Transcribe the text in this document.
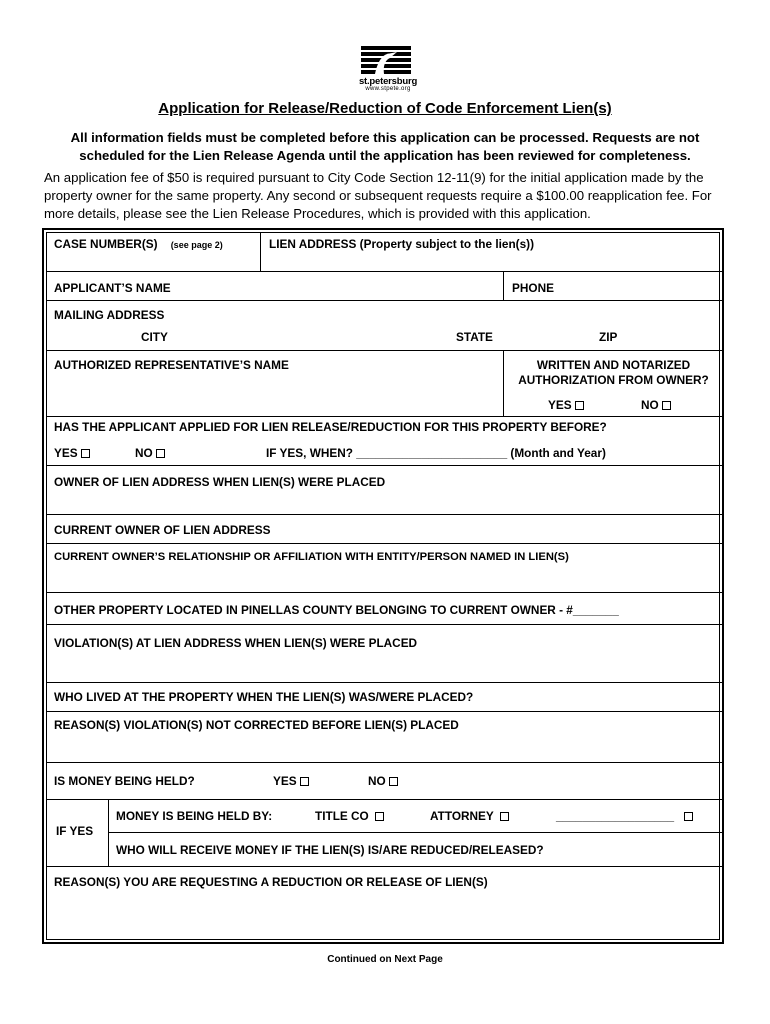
st.petersburg
www.stpete.org
Application for Release/Reduction of Code Enforcement Lien(s)
All information fields must be completed before this application can be processed. Requests are not scheduled for the Lien Release Agenda until the application has been reviewed for completeness.
An application fee of $50 is required pursuant to City Code Section 12-11(9) for the initial application made by the property owner for the same property. Any second or subsequent requests require a $100.00 reapplication fee. For more details, please see the Lien Release Procedures, which is provided with this application.
CASE NUMBER(S) (see page 2)	LIEN ADDRESS (Property subject to the lien(s))
APPLICANT’S NAME	PHONE
MAILING ADDRESS
CITY	STATE	ZIP
AUTHORIZED REPRESENTATIVE’S NAME	WRITTEN AND NOTARIZED
AUTHORIZATION FROM OWNER?
YES	NO
HAS THE APPLICANT APPLIED FOR LIEN RELEASE/REDUCTION FOR THIS PROPERTY BEFORE?
YES	NO	IF YES, WHEN? _______________________ (Month and Year)
OWNER OF LIEN ADDRESS WHEN LIEN(S) WERE PLACED
CURRENT OWNER OF LIEN ADDRESS
CURRENT OWNER’S RELATIONSHIP OR AFFILIATION WITH ENTITY/PERSON NAMED IN LIEN(S)
OTHER PROPERTY LOCATED IN PINELLAS COUNTY BELONGING TO CURRENT OWNER - #_______
VIOLATION(S) AT LIEN ADDRESS WHEN LIEN(S) WERE PLACED
WHO LIVED AT THE PROPERTY WHEN THE LIEN(S) WAS/WERE PLACED?
REASON(S) VIOLATION(S) NOT CORRECTED BEFORE LIEN(S) PLACED
IS MONEY BEING HELD?	YES	NO
IF YES
MONEY IS BEING HELD BY:	TITLE CO	ATTORNEY	__________________
WHO WILL RECEIVE MONEY IF THE LIEN(S) IS/ARE REDUCED/RELEASED?
REASON(S) YOU ARE REQUESTING A REDUCTION OR RELEASE OF LIEN(S)
Continued on Next Page
